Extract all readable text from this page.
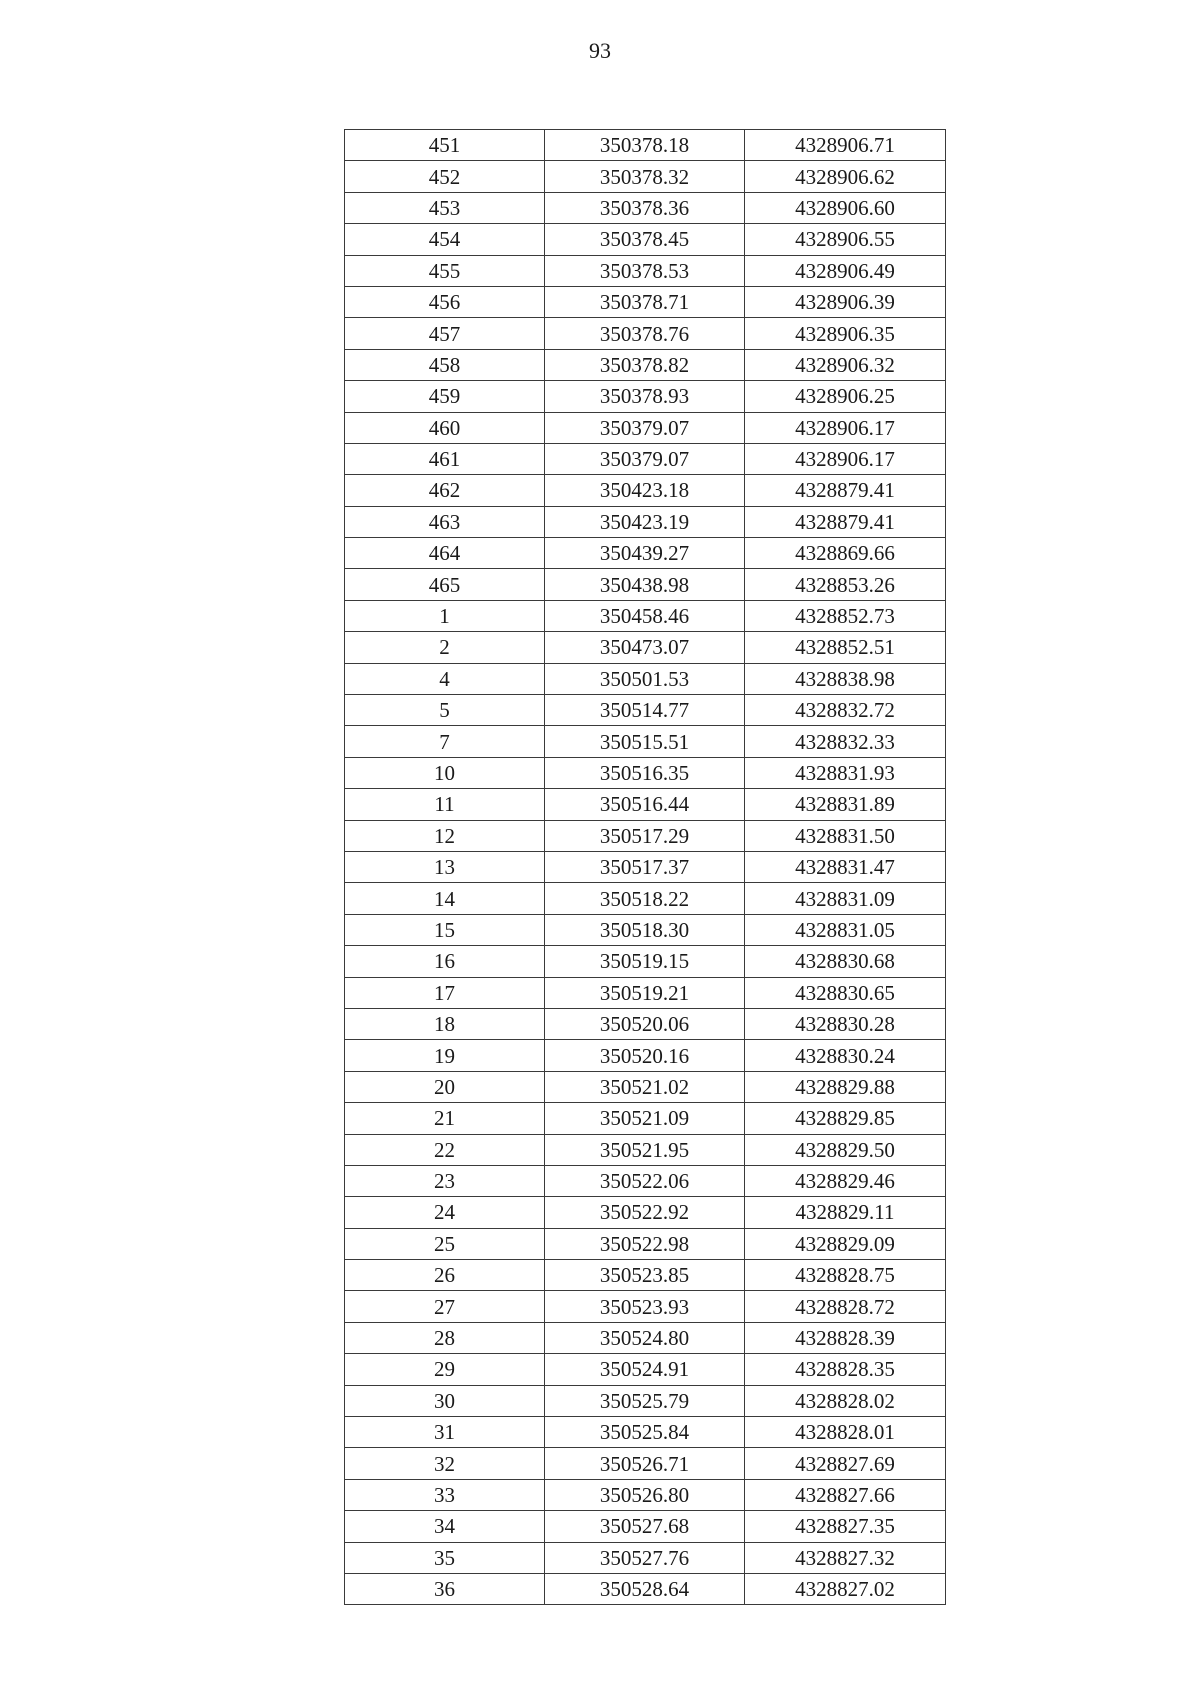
93
451	350378.18	4328906.71
452	350378.32	4328906.62
453	350378.36	4328906.60
454	350378.45	4328906.55
455	350378.53	4328906.49
456	350378.71	4328906.39
457	350378.76	4328906.35
458	350378.82	4328906.32
459	350378.93	4328906.25
460	350379.07	4328906.17
461	350379.07	4328906.17
462	350423.18	4328879.41
463	350423.19	4328879.41
464	350439.27	4328869.66
465	350438.98	4328853.26
1	350458.46	4328852.73
2	350473.07	4328852.51
4	350501.53	4328838.98
5	350514.77	4328832.72
7	350515.51	4328832.33
10	350516.35	4328831.93
11	350516.44	4328831.89
12	350517.29	4328831.50
13	350517.37	4328831.47
14	350518.22	4328831.09
15	350518.30	4328831.05
16	350519.15	4328830.68
17	350519.21	4328830.65
18	350520.06	4328830.28
19	350520.16	4328830.24
20	350521.02	4328829.88
21	350521.09	4328829.85
22	350521.95	4328829.50
23	350522.06	4328829.46
24	350522.92	4328829.11
25	350522.98	4328829.09
26	350523.85	4328828.75
27	350523.93	4328828.72
28	350524.80	4328828.39
29	350524.91	4328828.35
30	350525.79	4328828.02
31	350525.84	4328828.01
32	350526.71	4328827.69
33	350526.80	4328827.66
34	350527.68	4328827.35
35	350527.76	4328827.32
36	350528.64	4328827.02
